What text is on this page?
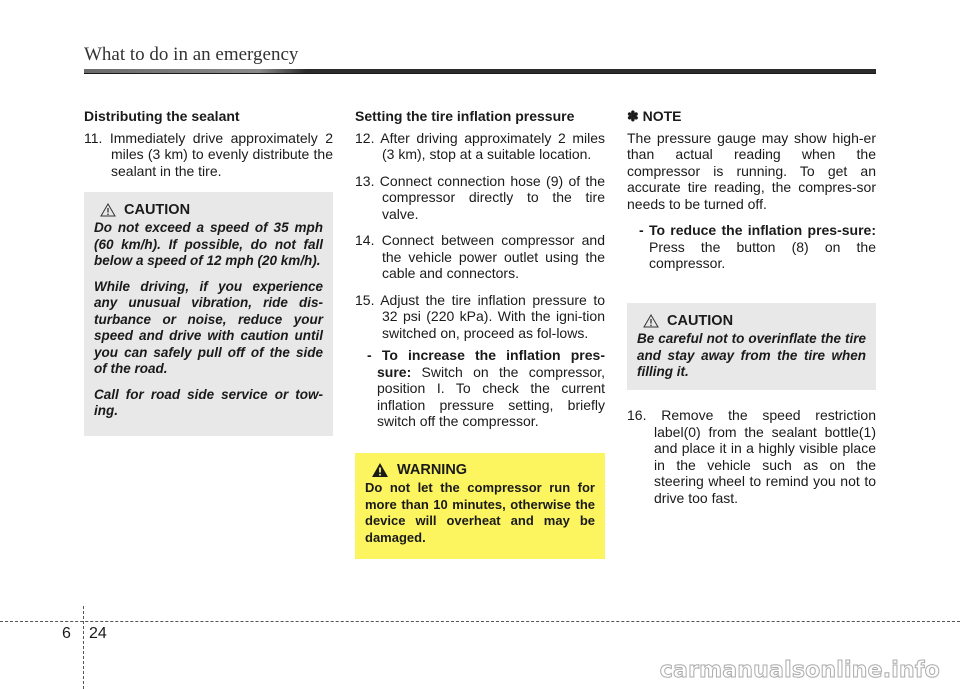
What to do in an emergency

Distributing the sealant

11. Immediately drive approximately 2 miles (3 km) to evenly distribute the sealant in the tire.

CAUTION

Do not exceed a speed of 35 mph (60 km/h). If possible, do not fall below a speed of 12 mph (20 km/h).

While driving, if you experience any unusual vibration, ride dis-turbance or noise, reduce your speed and drive with caution until you can safely pull off of the side of the road.

Call for road side service or tow-ing.

Setting the tire inflation pressure

12. After driving approximately 2 miles (3 km), stop at a suitable location.

13. Connect connection hose (9) of the compressor directly to the tire valve.

14. Connect between compressor and the vehicle power outlet using the cable and connectors.

15. Adjust the tire inflation pressure to 32 psi (220 kPa). With the igni-tion switched on, proceed as fol-lows.

- To increase the inflation pres-sure: Switch on the compressor, position I. To check the current inflation pressure setting, briefly switch off the compressor.

WARNING

Do not let the compressor run for more than 10 minutes, otherwise the device will overheat and may be damaged.

✽ NOTE

The pressure gauge may show high-er than actual reading when the compressor is running. To get an accurate tire reading, the compres-sor needs to be turned off.

- To reduce the inflation pres-sure: Press the button (8) on the compressor.

CAUTION

Be careful not to overinflate the tire and stay away from the tire when filling it.

16. Remove the speed restriction label(0) from the sealant bottle(1) and place it in a highly visible place in the vehicle such as on the steering wheel to remind you not to drive too fast.

6 24
carmanualsonline.info
